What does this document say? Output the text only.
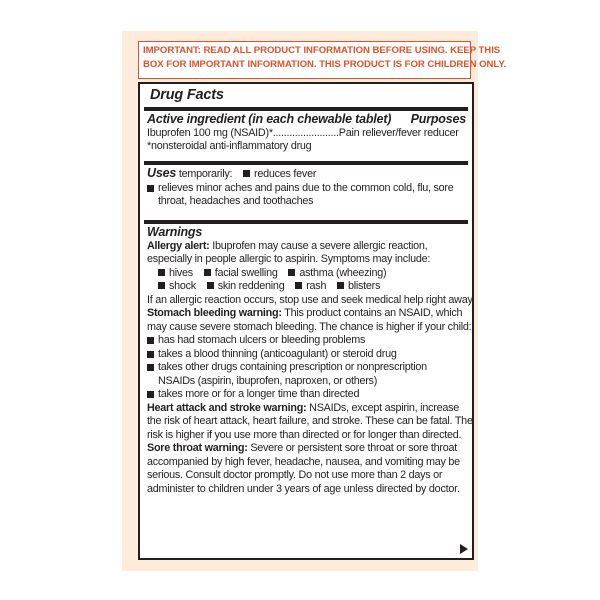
IMPORTANT: READ ALL PRODUCT INFORMATION BEFORE USING. KEEP THIS
BOX FOR IMPORTANT INFORMATION. THIS PRODUCT IS FOR CHILDREN ONLY.
Drug Facts
Active ingredient (in each chewable tablet) Purposes
Ibuprofen 100 mg (NSAID)*........................Pain reliever/fever reducer
*nonsteroidal anti-inflammatory drug
Uses temporarily: reduces fever
relieves minor aches and pains due to the common cold, flu, sore
throat, headaches and toothaches
Warnings
Allergy alert: Ibuprofen may cause a severe allergic reaction,
especially in people allergic to aspirin. Symptoms may include:
hives facial swelling asthma (wheezing)
shock skin reddening rash blisters
If an allergic reaction occurs, stop use and seek medical help right away.
Stomach bleeding warning: This product contains an NSAID, which
may cause severe stomach bleeding. The chance is higher if your child:
has had stomach ulcers or bleeding problems
takes a blood thinning (anticoagulant) or steroid drug
takes other drugs containing prescription or nonprescription
NSAIDs (aspirin, ibuprofen, naproxen, or others)
takes more or for a longer time than directed
Heart attack and stroke warning: NSAIDs, except aspirin, increase
the risk of heart attack, heart failure, and stroke. These can be fatal. The
risk is higher if you use more than directed or for longer than directed.
Sore throat warning: Severe or persistent sore throat or sore throat
accompanied by high fever, headache, nausea, and vomiting may be
serious. Consult doctor promptly. Do not use more than 2 days or
administer to children under 3 years of age unless directed by doctor.
